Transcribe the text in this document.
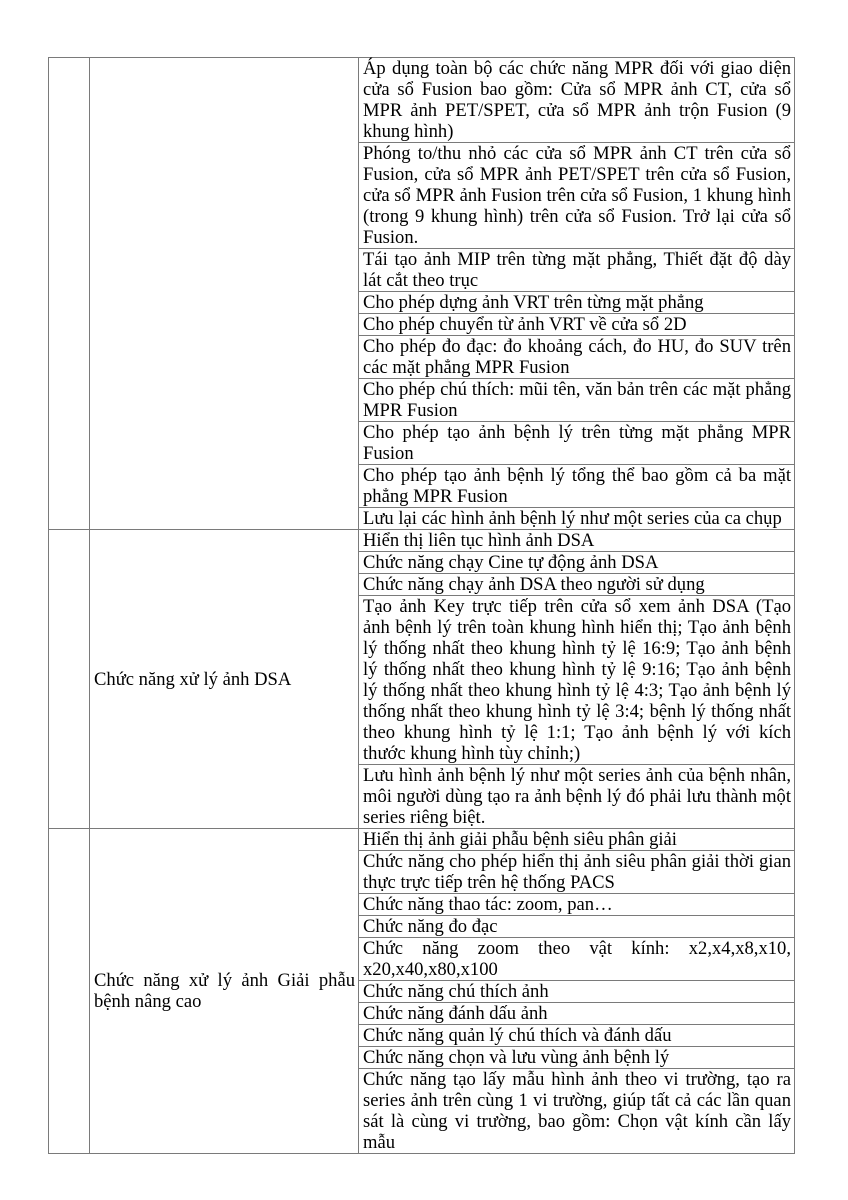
		Áp dụng toàn bộ các chức năng MPR đối với giao diện cửa sổ Fusion bao gồm: Cửa sổ MPR ảnh CT, cửa sổ MPR ảnh PET/SPET, cửa sổ MPR ảnh trộn Fusion (9 khung hình)
		Phóng to/thu nhỏ các cửa sổ MPR ảnh CT trên cửa sổ Fusion, cửa sổ MPR ảnh PET/SPET trên cửa sổ Fusion, cửa sổ MPR ảnh Fusion trên cửa sổ Fusion, 1 khung hình (trong 9 khung hình) trên cửa sổ Fusion. Trở lại cửa sổ Fusion.
		Tái tạo ảnh MIP trên từng mặt phẳng, Thiết đặt độ dày lát cắt theo trục
		Cho phép dựng ảnh VRT trên từng mặt phẳng
		Cho phép chuyển từ ảnh VRT về cửa sổ 2D
		Cho phép đo đạc: đo khoảng cách, đo HU, đo SUV trên các mặt phẳng MPR Fusion
		Cho phép chú thích: mũi tên, văn bản trên các mặt phẳng MPR Fusion
		Cho phép tạo ảnh bệnh lý trên từng mặt phẳng MPR Fusion
		Cho phép tạo ảnh bệnh lý tổng thể bao gồm cả ba mặt phẳng MPR Fusion
		Lưu lại các hình ảnh bệnh lý như một series của ca chụp
	Chức năng xử lý ảnh DSA	Hiển thị liên tục hình ảnh DSA
		Chức năng chạy Cine tự động ảnh DSA
		Chức năng chạy ảnh DSA theo người sử dụng
		Tạo ảnh Key trực tiếp trên cửa sổ xem ảnh DSA (Tạo ảnh bệnh lý trên toàn khung hình hiển thị; Tạo ảnh bệnh lý thống nhất theo khung hình tỷ lệ 16:9; Tạo ảnh bệnh lý thống nhất theo khung hình tỷ lệ 9:16; Tạo ảnh bệnh lý thống nhất theo khung hình tỷ lệ 4:3; Tạo ảnh bệnh lý thống nhất theo khung hình tỷ lệ 3:4; bệnh lý thống nhất theo khung hình tỷ lệ 1:1; Tạo ảnh bệnh lý với kích thước khung hình tùy chỉnh;)
		Lưu hình ảnh bệnh lý như một series ảnh của bệnh nhân, môi người dùng tạo ra ảnh bệnh lý đó phải lưu thành một series riêng biệt.
	Chức năng xử lý ảnh Giải phẫu bệnh nâng cao	Hiển thị ảnh giải phẫu bệnh siêu phân giải
		Chức năng cho phép hiển thị ảnh siêu phân giải thời gian thực trực tiếp trên hệ thống PACS
		Chức năng thao tác: zoom, pan…
		Chức năng đo đạc
		Chức năng zoom theo vật kính: x2,x4,x8,x10, x20,x40,x80,x100
		Chức năng chú thích ảnh
		Chức năng đánh dấu ảnh
		Chức năng quản lý chú thích và đánh dấu
		Chức năng chọn và lưu vùng ảnh bệnh lý
		Chức năng tạo lấy mẫu hình ảnh theo vi trường, tạo ra series ảnh trên cùng 1 vi trường, giúp tất cả các lần quan sát là cùng vi trường, bao gồm: Chọn vật kính cần lấy mẫu
